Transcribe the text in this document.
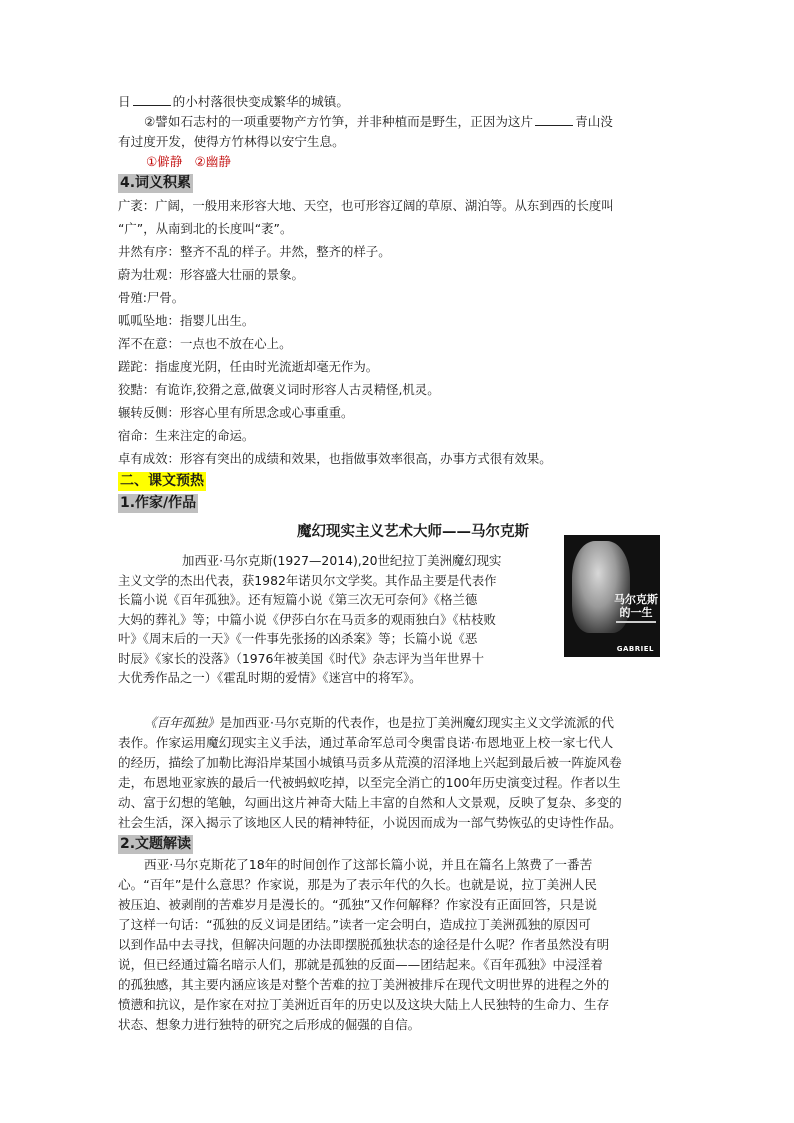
日	的小村落很快变成繁华的城镇。
②譬如石志村的一项重要物产方竹笋，并非种植而是野生，正因为这片	青山没
有过度开发，使得方竹林得以安宁生息。
①僻静 ②幽静
4.词义积累
广袤：广阔，一般用来形容大地、天空，也可形容辽阔的草原、湖泊等。从东到西的长度叫
“广”，从南到北的长度叫“袤”。
井然有序：整齐不乱的样子。井然，整齐的样子。
蔚为壮观：形容盛大壮丽的景象。
骨殖:尸骨。
呱呱坠地：指婴儿出生。
浑不在意：一点也不放在心上。
蹉跎：指虚度光阴，任由时光流逝却毫无作为。
狡黠：有诡诈,狡猾之意,做褒义词时形容人古灵精怪,机灵。
辗转反侧：形容心里有所思念或心事重重。
宿命：生来注定的命运。
卓有成效：形容有突出的成绩和效果，也指做事效率很高，办事方式很有效果。
二、课文预热
1.作家/作品
魔幻现实主义艺术大师——马尔克斯
加西亚·马尔克斯(1927—2014),20世纪拉丁美洲魔幻现实
主义文学的杰出代表，获1982年诺贝尔文学奖。其作品主要是代表作
长篇小说《百年孤独》。还有短篇小说《第三次无可奈何》《格兰德
大妈的葬礼》等；中篇小说《伊莎白尔在马贡多的观雨独白》《枯枝败
叶》《周末后的一天》《一件事先张扬的凶杀案》等；长篇小说《恶
时辰》《家长的没落》（1976年被美国《时代》杂志评为当年世界十
大优秀作品之一）《霍乱时期的爱情》《迷宫中的将军》。
马尔克斯
的一生
GABRIEL
《百年孤独》是加西亚·马尔克斯的代表作，也是拉丁美洲魔幻现实主义文学流派的代
表作。作家运用魔幻现实主义手法，通过革命军总司令奥雷良诺·布恩地亚上校一家七代人
的经历，描绘了加勒比海沿岸某国小城镇马贡多从荒漠的沼泽地上兴起到最后被一阵旋风卷
走，布恩地亚家族的最后一代被蚂蚁吃掉，以至完全消亡的100年历史演变过程。作者以生
动、富于幻想的笔触，勾画出这片神奇大陆上丰富的自然和人文景观，反映了复杂、多变的
社会生活，深入揭示了该地区人民的精神特征，小说因而成为一部气势恢弘的史诗性作品。
2.文题解读
西亚·马尔克斯花了18年的时间创作了这部长篇小说，并且在篇名上煞费了一番苦
心。“百年”是什么意思？作家说，那是为了表示年代的久长。也就是说，拉丁美洲人民
被压迫、被剥削的苦难岁月是漫长的。“孤独”又作何解释？作家没有正面回答，只是说
了这样一句话：“孤独的反义词是团结。”读者一定会明白，造成拉丁美洲孤独的原因可
以到作品中去寻找，但解决问题的办法即摆脱孤独状态的途径是什么呢？作者虽然没有明
说，但已经通过篇名暗示人们，那就是孤独的反面——团结起来。《百年孤独》中浸淫着
的孤独感，其主要内涵应该是对整个苦难的拉丁美洲被排斥在现代文明世界的进程之外的
愤懑和抗议，是作家在对拉丁美洲近百年的历史以及这块大陆上人民独特的生命力、生存
状态、想象力进行独特的研究之后形成的倔强的自信。
